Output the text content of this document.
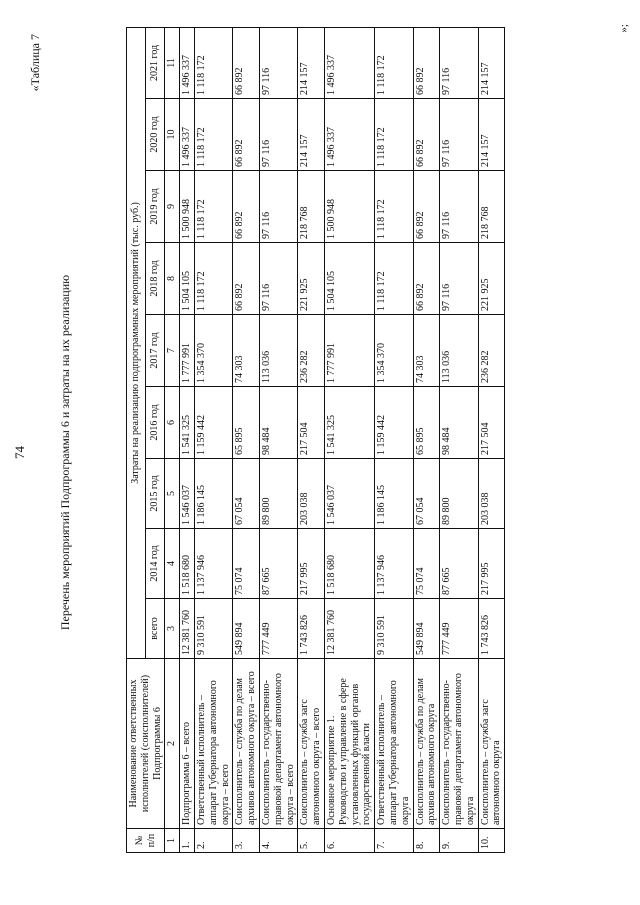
74
«Таблица 7
Перечень мероприятий Подпрограммы 6 и затраты на их реализацию
№ п/п	Наименование ответственных исполнителей (соисполнителей) Подпрограммы 6	Затраты на реализацию подпрограммных мероприятий (тыс. руб.)								
		всего	2014 год	2015 год	2016 год	2017 год	2018 год	2019 год	2020 год	2021 год
1	2	3	4	5	6	7	8	9	10	11
1.	Подпрограмма 6 – всего	12 381 760	1 518 680	1 546 037	1 541 325	1 777 991	1 504 105	1 500 948	1 496 337	1 496 337
2.	Ответственный исполнитель – аппарат Губернатора автономного округа – всего	9 310 591	1 137 946	1 186 145	1 159 442	1 354 370	1 118 172	1 118 172	1 118 172	1 118 172
3.	Соисполнитель – служба по делам архивов автономного округа – всего	549 894	75 074	67 054	65 895	74 303	66 892	66 892	66 892	66 892
4.	Соисполнитель – государственно-правовой департамент автономного округа – всего	777 449	87 665	89 800	98 484	113 036	97 116	97 116	97 116	97 116
5.	Соисполнитель – служба загс автономного округа – всего	1 743 826	217 995	203 038	217 504	236 282	221 925	218 768	214 157	214 157
6.	Основное мероприятие 1. Руководство и управление в сфере установленных функций органов государственной власти	12 381 760	1 518 680	1 546 037	1 541 325	1 777 991	1 504 105	1 500 948	1 496 337	1 496 337
7.	Ответственный исполнитель – аппарат Губернатора автономного округа	9 310 591	1 137 946	1 186 145	1 159 442	1 354 370	1 118 172	1 118 172	1 118 172	1 118 172
8.	Соисполнитель – служба по делам архивов автономного округа	549 894	75 074	67 054	65 895	74 303	66 892	66 892	66 892	66 892
9.	Соисполнитель – государственно-правовой департамент автономного округа	777 449	87 665	89 800	98 484	113 036	97 116	97 116	97 116	97 116
10.	Соисполнитель – служба загс автономного округа	1 743 826	217 995	203 038	217 504	236 282	221 925	218 768	214 157	214 157
»;
